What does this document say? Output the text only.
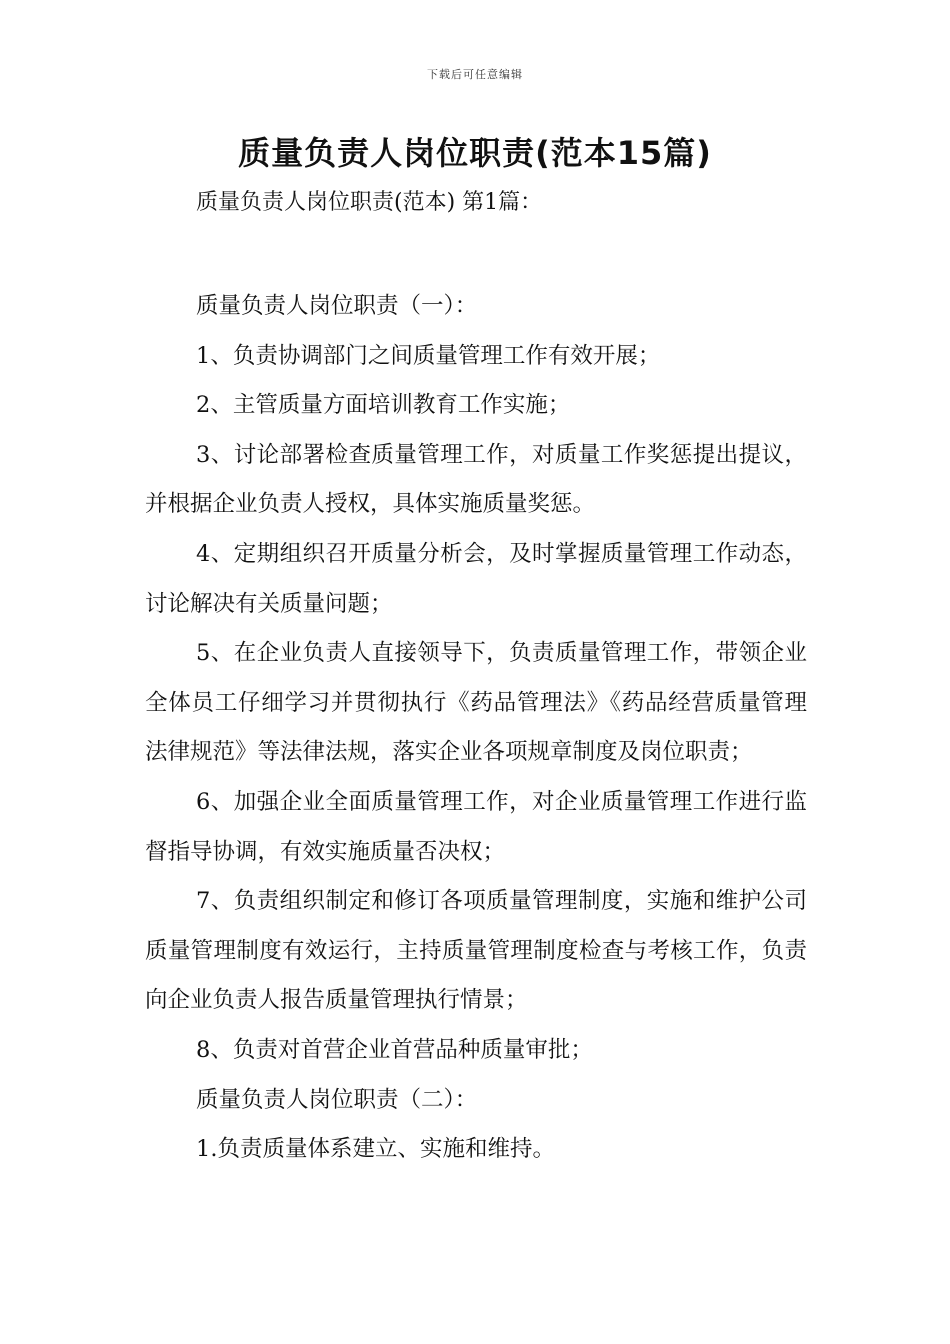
下载后可任意编辑
质量负责人岗位职责(范本15篇)
质量负责人岗位职责(范本) 第1篇：

质量负责人岗位职责（一）：

1、负责协调部门之间质量管理工作有效开展；

2、主管质量方面培训教育工作实施；

3、讨论部署检查质量管理工作，对质量工作奖惩提出提议，并根据企业负责人授权，具体实施质量奖惩。

4、定期组织召开质量分析会，及时掌握质量管理工作动态，讨论解决有关质量问题；

5、在企业负责人直接领导下，负责质量管理工作，带领企业全体员工仔细学习并贯彻执行《药品管理法》《药品经营质量管理法律规范》等法律法规，落实企业各项规章制度及岗位职责；

6、加强企业全面质量管理工作，对企业质量管理工作进行监督指导协调，有效实施质量否决权；

7、负责组织制定和修订各项质量管理制度，实施和维护公司质量管理制度有效运行，主持质量管理制度检查与考核工作，负责向企业负责人报告质量管理执行情景；

8、负责对首营企业首营品种质量审批；

质量负责人岗位职责（二）：

1.负责质量体系建立、实施和维持。
